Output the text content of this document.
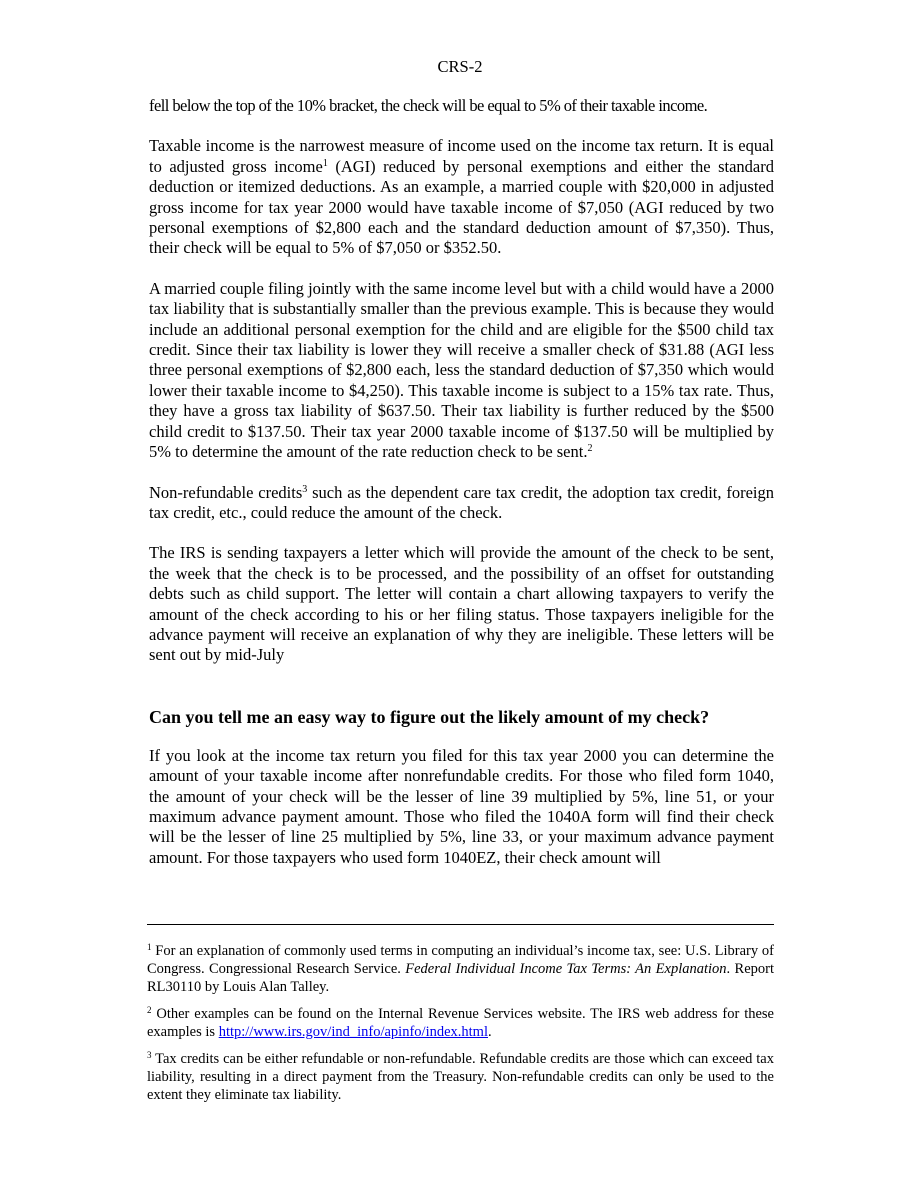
CRS-2

fell below the top of the 10% bracket, the check will be equal to 5% of their taxable income.

Taxable income is the narrowest measure of income used on the income tax return. It is equal to adjusted gross income$^1$ (AGI) reduced by personal exemptions and either the standard deduction or itemized deductions. As an example, a married couple with $20,000 in adjusted gross income for tax year 2000 would have taxable income of $7,050 (AGI reduced by two personal exemptions of $2,800 each and the standard deduction amount of $7,350). Thus, their check will be equal to 5% of $7,050 or $352.50.

A married couple filing jointly with the same income level but with a child would have a 2000 tax liability that is substantially smaller than the previous example. This is because they would include an additional personal exemption for the child and are eligible for the $500 child tax credit. Since their tax liability is lower they will receive a smaller check of $31.88 (AGI less three personal exemptions of $2,800 each, less the standard deduction of $7,350 which would lower their taxable income to $4,250). This taxable income is subject to a 15% tax rate. Thus, they have a gross tax liability of $637.50. Their tax liability is further reduced by the $500 child credit to $137.50. Their tax year 2000 taxable income of $137.50 will be multiplied by 5% to determine the amount of the rate reduction check to be sent.$^2$

Non-refundable credits$^3$ such as the dependent care tax credit, the adoption tax credit, foreign tax credit, etc., could reduce the amount of the check.

The IRS is sending taxpayers a letter which will provide the amount of the check to be sent, the week that the check is to be processed, and the possibility of an offset for outstanding debts such as child support. The letter will contain a chart allowing taxpayers to verify the amount of the check according to his or her filing status. Those taxpayers ineligible for the advance payment will receive an explanation of why they are ineligible. These letters will be sent out by mid-July

Can you tell me an easy way to figure out the likely amount of my check?

If you look at the income tax return you filed for this tax year 2000 you can determine the amount of your taxable income after nonrefundable credits. For those who filed form 1040, the amount of your check will be the lesser of line 39 multiplied by 5%, line 51, or your maximum advance payment amount. Those who filed the 1040A form will find their check will be the lesser of line 25 multiplied by 5%, line 33, or your maximum advance payment amount. For those taxpayers who used form 1040EZ, their check amount will

$^1$ For an explanation of commonly used terms in computing an individual’s income tax, see: U.S. Library of Congress. Congressional Research Service. Federal Individual Income Tax Terms: An Explanation. Report RL30110 by Louis Alan Talley.

$^2$ Other examples can be found on the Internal Revenue Services website. The IRS web address for these examples is http://www.irs.gov/ind_info/apinfo/index.html.

$^3$ Tax credits can be either refundable or non-refundable. Refundable credits are those which can exceed tax liability, resulting in a direct payment from the Treasury. Non-refundable credits can only be used to the extent they eliminate tax liability.
